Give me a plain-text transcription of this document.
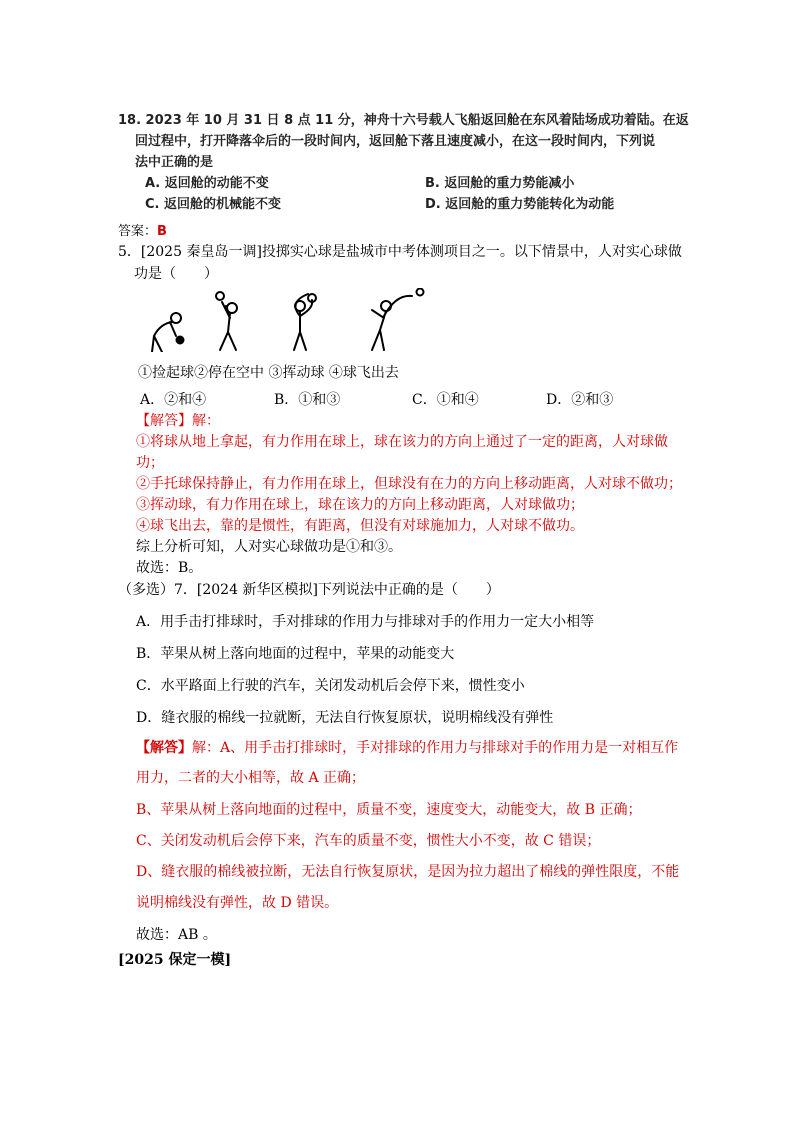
18. 2023 年 10 月 31 日 8 点 11 分，神舟十六号载人飞船返回舱在东风着陆场成功着陆。在返
回过程中，打开降落伞后的一段时间内，返回舱下落且速度减小，在这一段时间内，下列说
法中正确的是
A. 返回舱的动能不变	B. 返回舱的重力势能减小
C. 返回舱的机械能不变	D. 返回舱的重力势能转化为动能
答案：B
5．[2025 秦皇岛一调]投掷实心球是盐城市中考体测项目之一。以下情景中，人对实心球做
功是（　　）
①捡起球②停在空中 ③挥动球 ④球飞出去
A．②和④	B．①和③	C．①和④	D．②和③
【解答】解：
①将球从地上拿起，有力作用在球上，球在该力的方向上通过了一定的距离，人对球做
功；
②手托球保持静止，有力作用在球上，但球没有在力的方向上移动距离，人对球不做功；
③挥动球，有力作用在球上，球在该力的方向上移动距离，人对球做功；
④球飞出去，靠的是惯性，有距离，但没有对球施加力，人对球不做功。
综上分析可知，人对实心球做功是①和③。
故选：B。
（多选）7．[2024 新华区模拟]下列说法中正确的是（　　）
A．用手击打排球时，手对排球的作用力与排球对手的作用力一定大小相等
B．苹果从树上落向地面的过程中，苹果的动能变大
C．水平路面上行驶的汽车，关闭发动机后会停下来，惯性变小
D．缝衣服的棉线一拉就断，无法自行恢复原状，说明棉线没有弹性
【解答】解：A、用手击打排球时，手对排球的作用力与排球对手的作用力是一对相互作
用力，二者的大小相等，故 A 正确；
B、苹果从树上落向地面的过程中，质量不变，速度变大，动能变大，故 B 正确；
C、关闭发动机后会停下来，汽车的质量不变，惯性大小不变，故 C 错误；
D、缝衣服的棉线被拉断，无法自行恢复原状，是因为拉力超出了棉线的弹性限度，不能
说明棉线没有弹性，故 D 错误。
故选：AB 。
[2025 保定一模]
